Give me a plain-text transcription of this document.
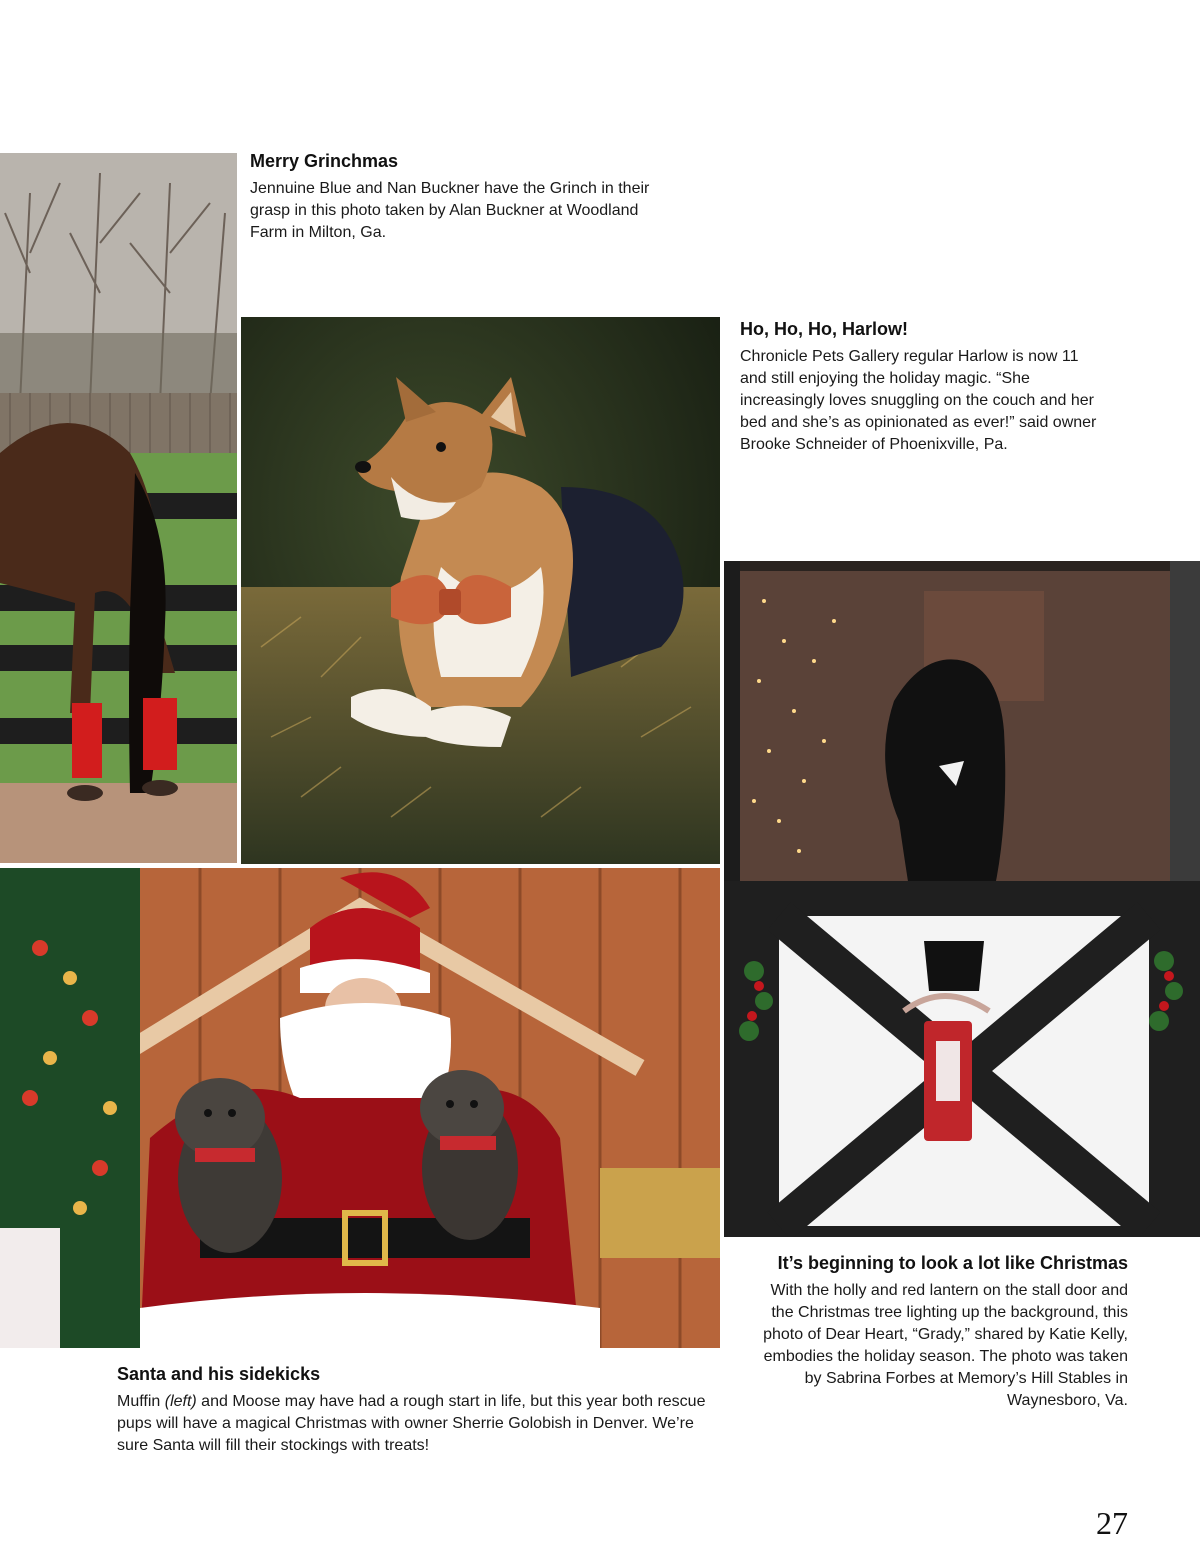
Merry Grinchmas

Jennuine Blue and Nan Buckner have the Grinch in their grasp in this photo taken by Alan Buckner at Woodland Farm in Milton, Ga.

Ho, Ho, Ho, Harlow!

Chronicle Pets Gallery regular Harlow is now 11 and still enjoying the holiday magic. “She increasingly loves snuggling on the couch and her bed and she’s as opinionated as ever!” said owner Brooke Schneider of Phoenixville, Pa.

Santa and his sidekicks

Muffin (left) and Moose may have had a rough start in life, but this year both rescue pups will have a magical Christmas with owner Sherrie Golobish in Denver. We’re sure Santa will fill their stockings with treats!

It’s beginning to look a lot like Christmas

With the holly and red lantern on the stall door and the Christmas tree lighting up the background, this photo of Dear Heart, “Grady,” shared by Katie Kelly, embodies the holiday season. The photo was taken by Sabrina Forbes at Memory’s Hill Stables in Waynesboro, Va.

27
